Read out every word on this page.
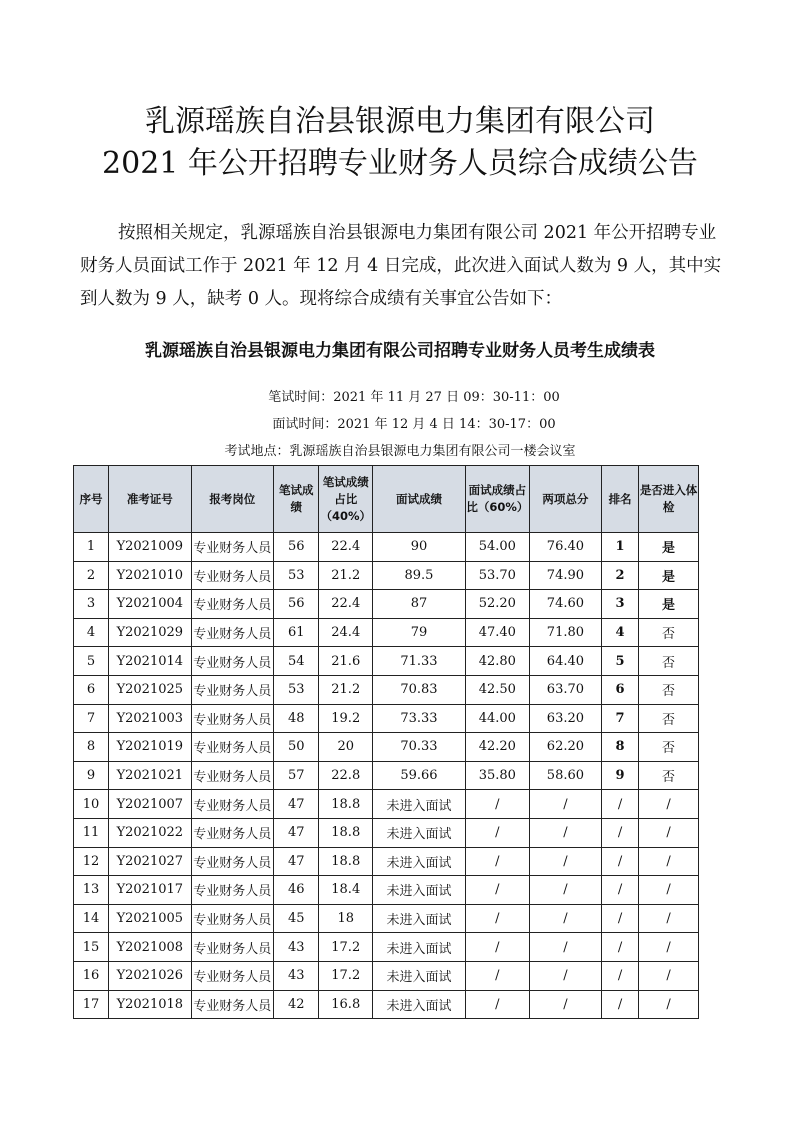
乳源瑶族自治县银源电力集团有限公司
2021 年公开招聘专业财务人员综合成绩公告
按照相关规定，乳源瑶族自治县银源电力集团有限公司 2021 年公开招聘专业财务人员面试工作于 2021 年 12 月 4 日完成，此次进入面试人数为 9 人，其中实到人数为 9 人，缺考 0 人。现将综合成绩有关事宜公告如下：
乳源瑶族自治县银源电力集团有限公司招聘专业财务人员考生成绩表
笔试时间：2021 年 11 月 27 日 09：30-11：00
面试时间：2021 年 12 月 4 日 14：30-17：00
考试地点：乳源瑶族自治县银源电力集团有限公司一楼会议室
序号	准考证号	报考岗位	笔试成绩	笔试成绩占比（40%）	面试成绩	面试成绩占比（60%）	两项总分	排名	是否进入体检
1	Y2021009	专业财务人员	56	22.4	90	54.00	76.40	1	是
2	Y2021010	专业财务人员	53	21.2	89.5	53.70	74.90	2	是
3	Y2021004	专业财务人员	56	22.4	87	52.20	74.60	3	是
4	Y2021029	专业财务人员	61	24.4	79	47.40	71.80	4	否
5	Y2021014	专业财务人员	54	21.6	71.33	42.80	64.40	5	否
6	Y2021025	专业财务人员	53	21.2	70.83	42.50	63.70	6	否
7	Y2021003	专业财务人员	48	19.2	73.33	44.00	63.20	7	否
8	Y2021019	专业财务人员	50	20	70.33	42.20	62.20	8	否
9	Y2021021	专业财务人员	57	22.8	59.66	35.80	58.60	9	否
10	Y2021007	专业财务人员	47	18.8	未进入面试	/	/	/	/
11	Y2021022	专业财务人员	47	18.8	未进入面试	/	/	/	/
12	Y2021027	专业财务人员	47	18.8	未进入面试	/	/	/	/
13	Y2021017	专业财务人员	46	18.4	未进入面试	/	/	/	/
14	Y2021005	专业财务人员	45	18	未进入面试	/	/	/	/
15	Y2021008	专业财务人员	43	17.2	未进入面试	/	/	/	/
16	Y2021026	专业财务人员	43	17.2	未进入面试	/	/	/	/
17	Y2021018	专业财务人员	42	16.8	未进入面试	/	/	/	/
